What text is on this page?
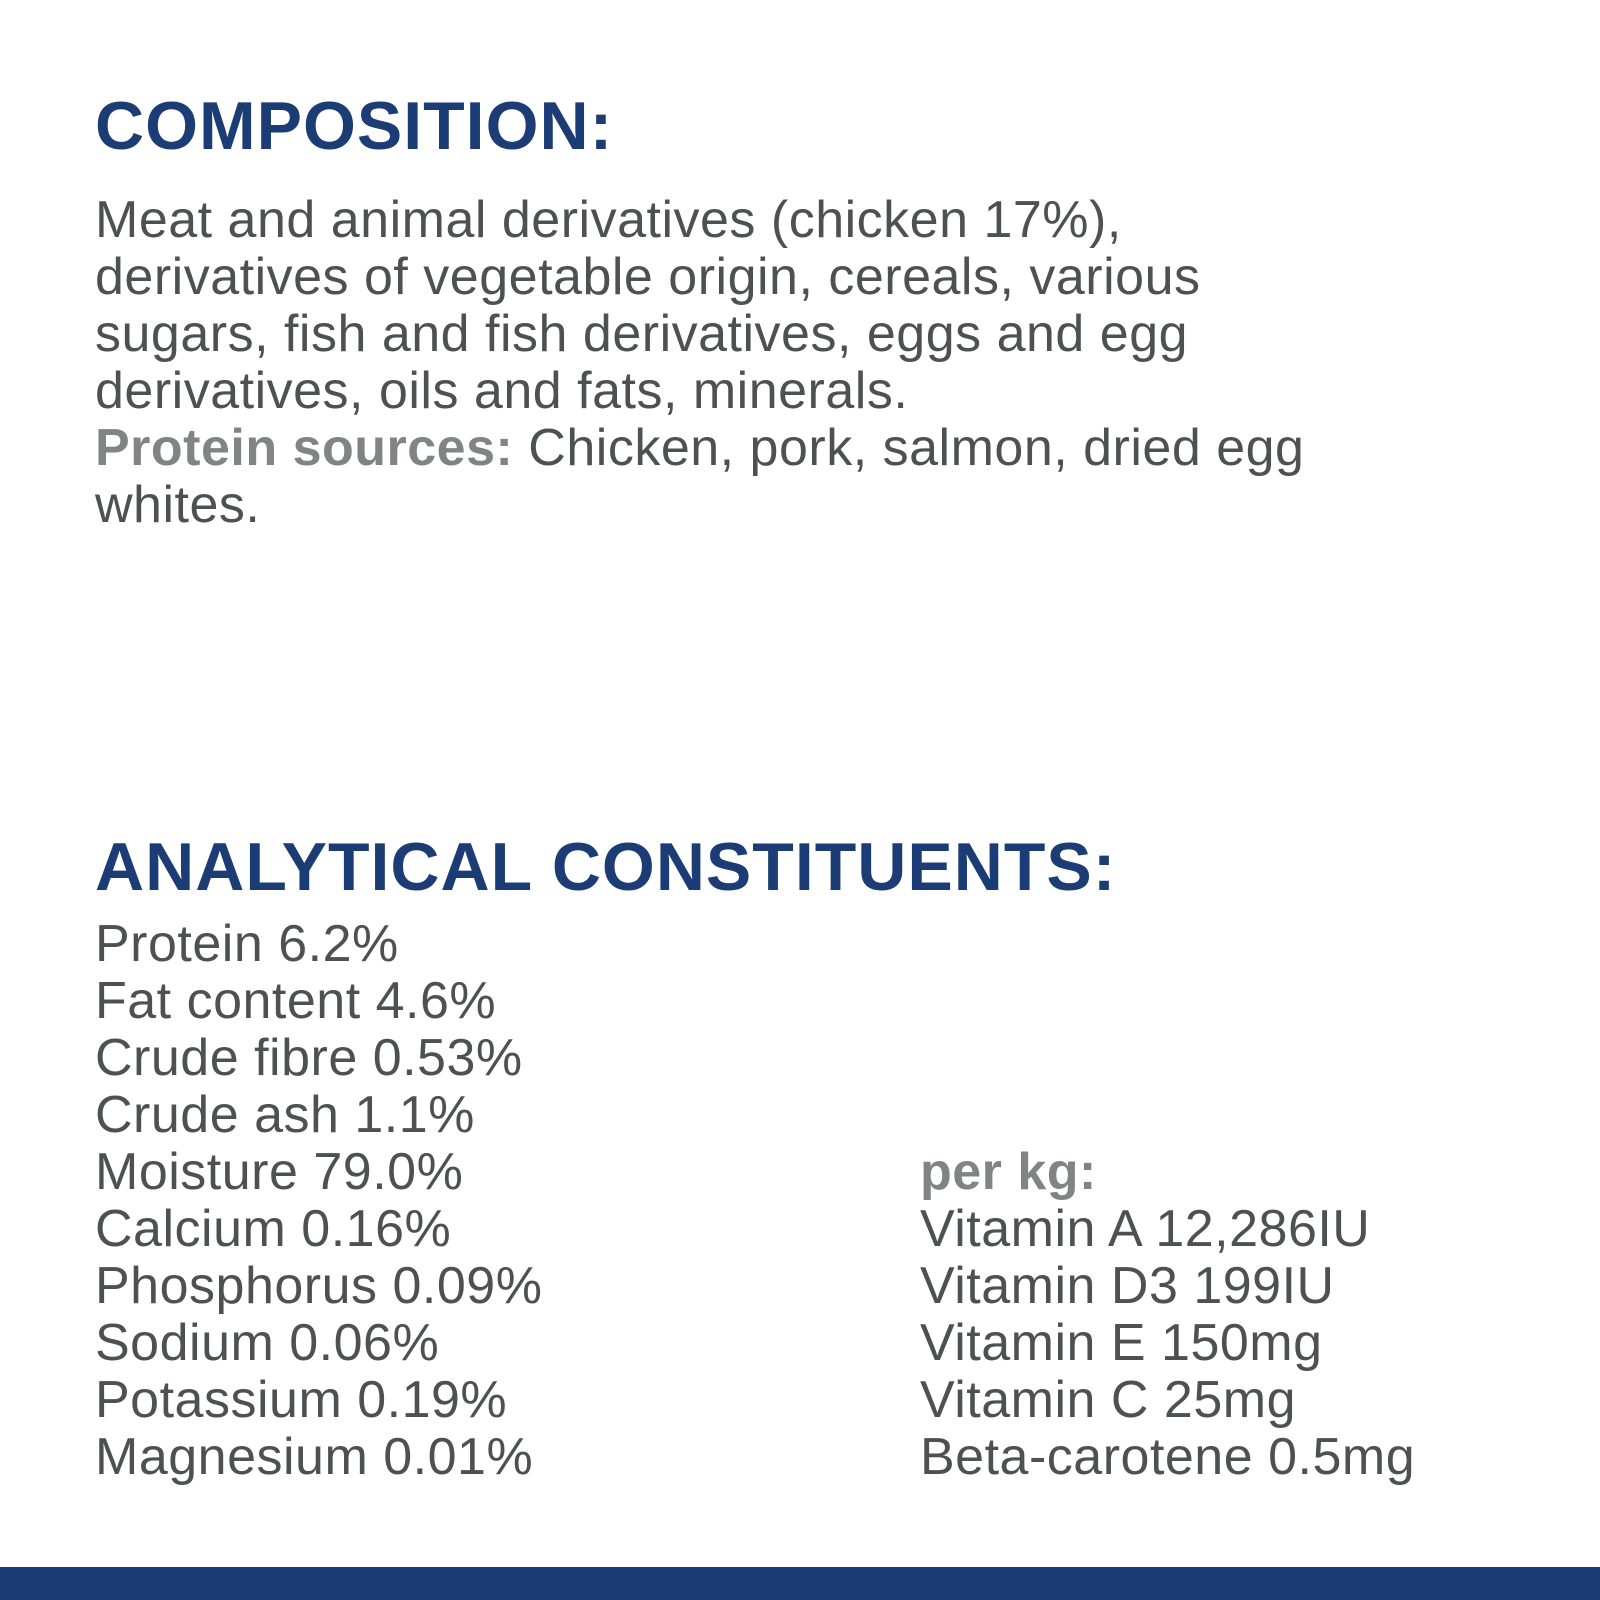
COMPOSITION:
Meat and animal derivatives (chicken 17%),
derivatives of vegetable origin, cereals, various
sugars, fish and fish derivatives, eggs and egg
derivatives, oils and fats, minerals.
Protein sources: Chicken, pork, salmon, dried egg
whites.
ANALYTICAL CONSTITUENTS:
Protein 6.2%
Fat content 4.6%
Crude fibre 0.53%
Crude ash 1.1%
Moisture 79.0%
Calcium 0.16%
Phosphorus 0.09%
Sodium 0.06%
Potassium 0.19%
Magnesium 0.01%
per kg:
Vitamin A 12,286IU
Vitamin D3 199IU
Vitamin E 150mg
Vitamin C 25mg
Beta-carotene 0.5mg
